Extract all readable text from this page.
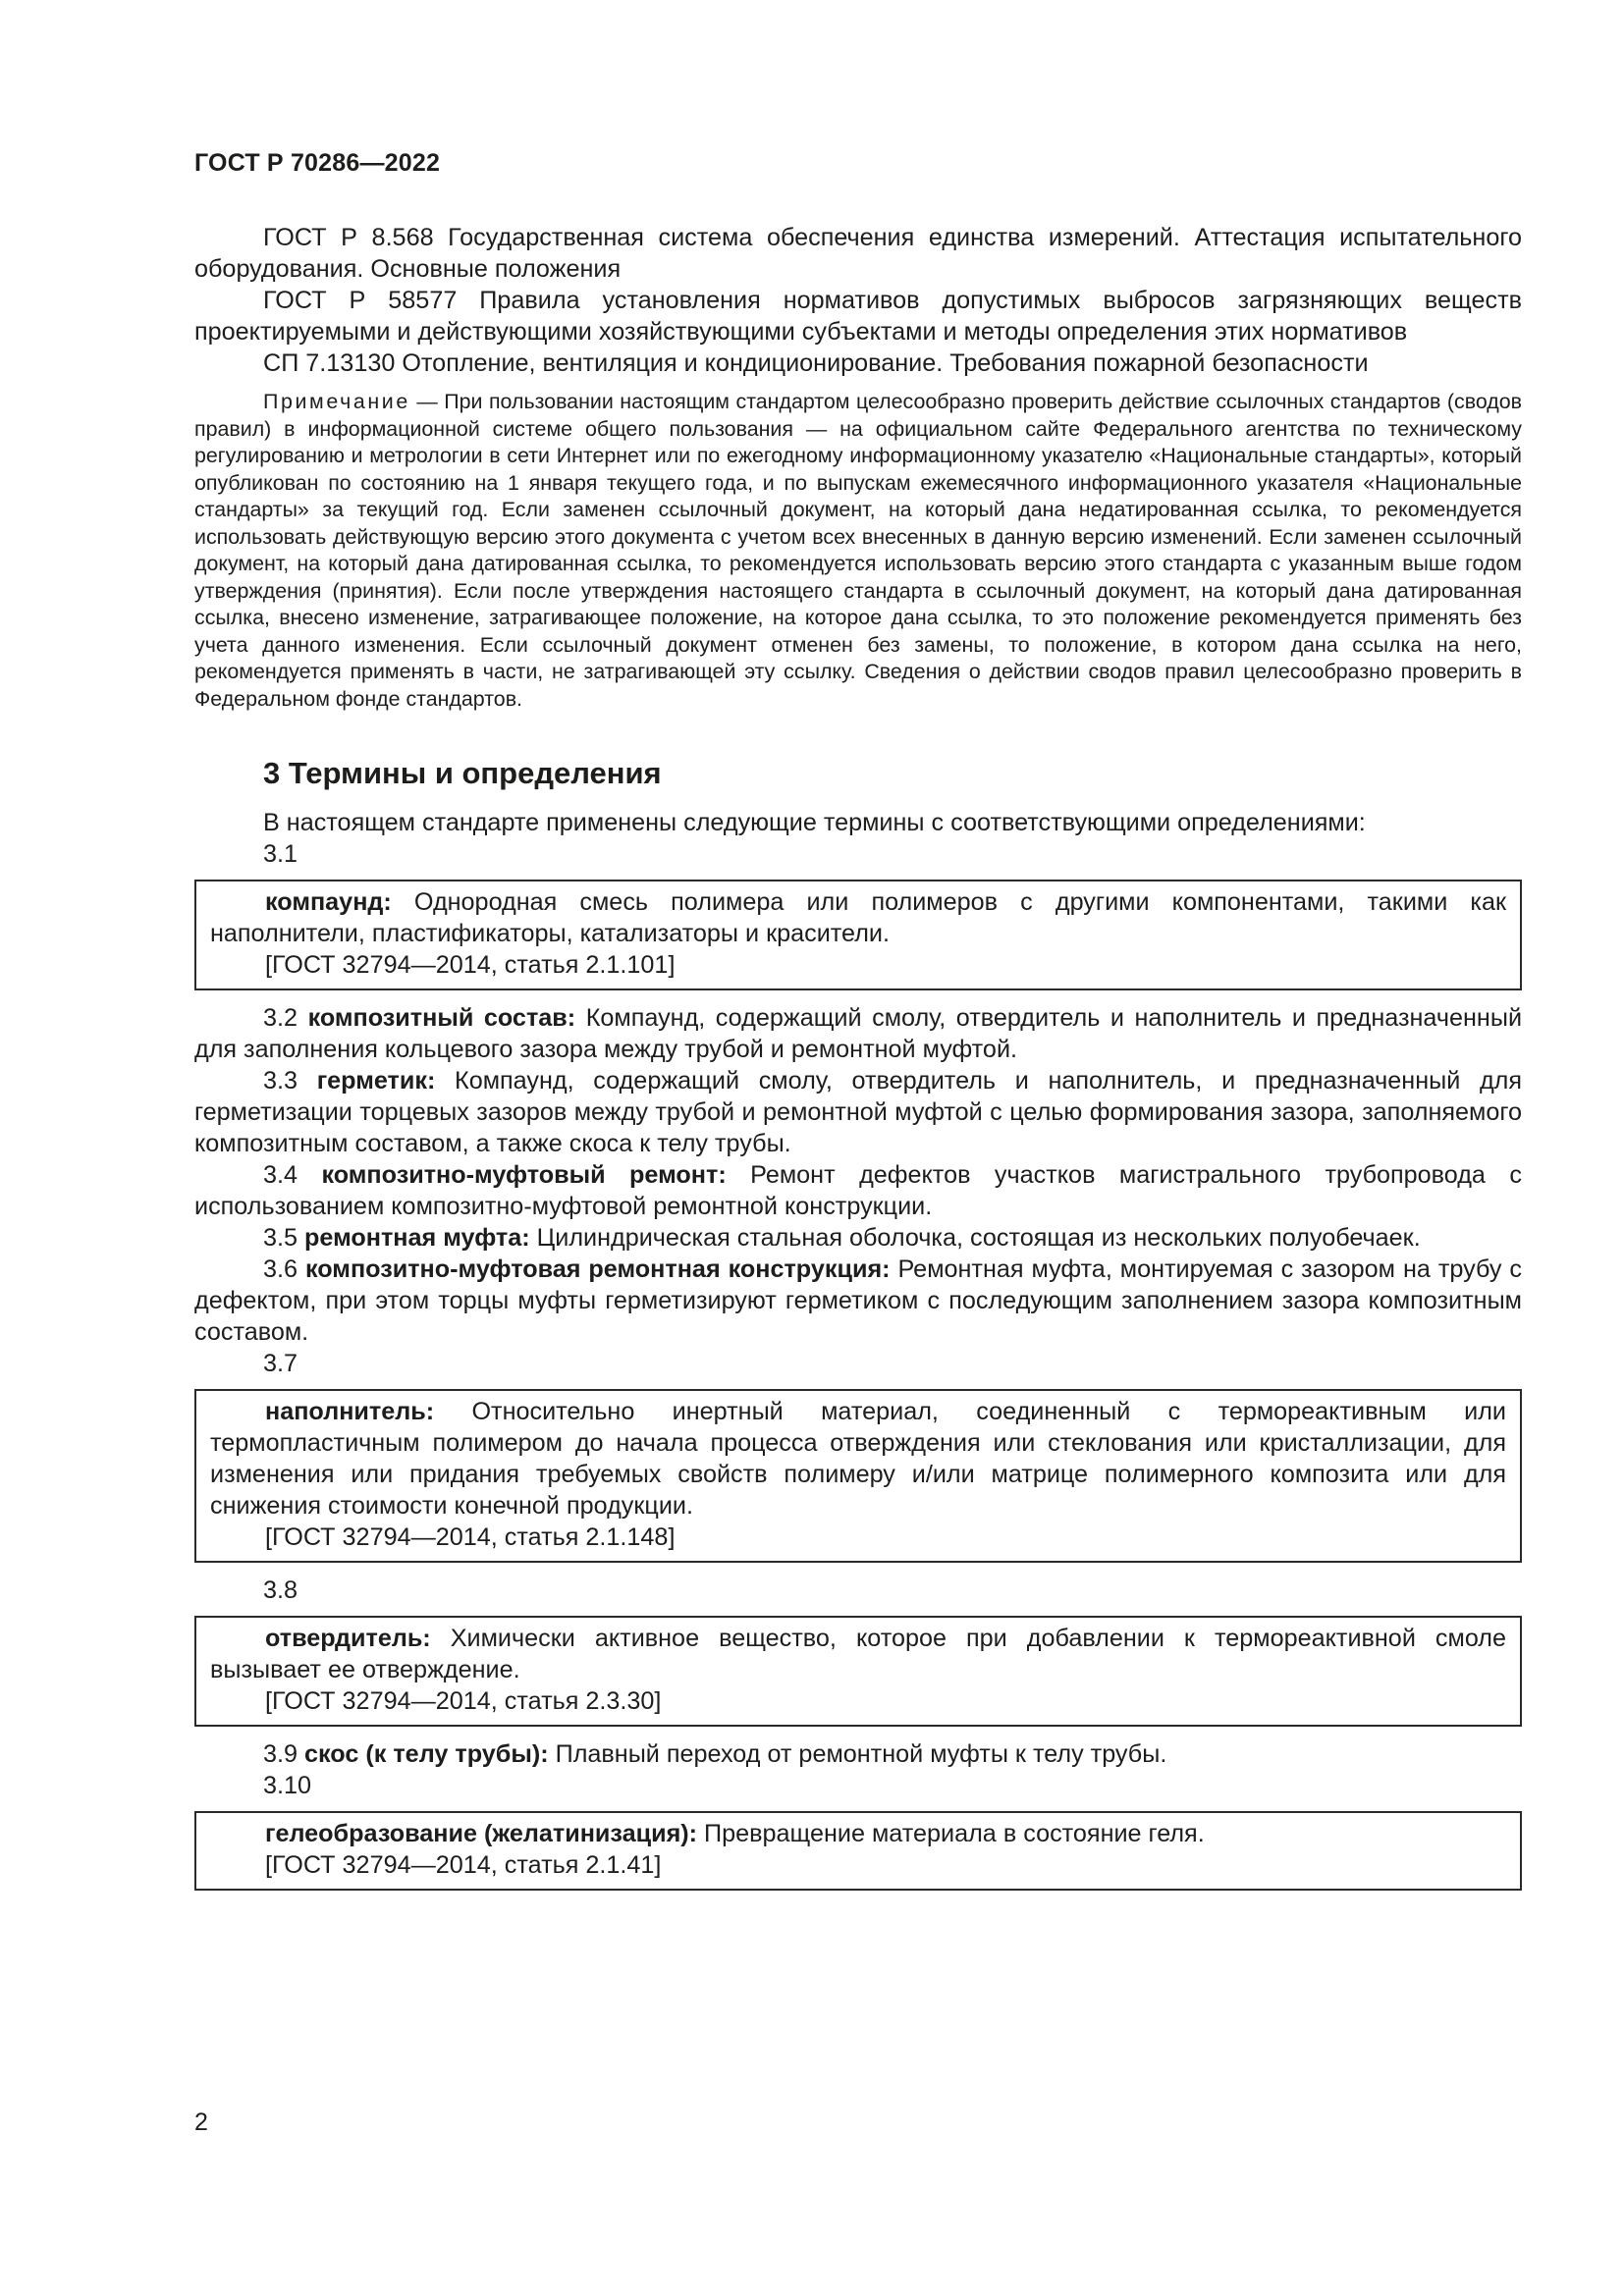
ГОСТ Р 70286—2022

ГОСТ Р 8.568 Государственная система обеспечения единства измерений. Аттестация испытательного оборудования. Основные положения

ГОСТ Р 58577 Правила установления нормативов допустимых выбросов загрязняющих веществ проектируемыми и действующими хозяйствующими субъектами и методы определения этих нормативов

СП 7.13130 Отопление, вентиляция и кондиционирование. Требования пожарной безопасности

Примечание — При пользовании настоящим стандартом целесообразно проверить действие ссылочных стандартов (сводов правил) в информационной системе общего пользования — на официальном сайте Федерального агентства по техническому регулированию и метрологии в сети Интернет или по ежегодному информационному указателю «Национальные стандарты», который опубликован по состоянию на 1 января текущего года, и по выпускам ежемесячного информационного указателя «Национальные стандарты» за текущий год. Если заменен ссылочный документ, на который дана недатированная ссылка, то рекомендуется использовать действующую версию этого документа с учетом всех внесенных в данную версию изменений. Если заменен ссылочный документ, на который дана датированная ссылка, то рекомендуется использовать версию этого стандарта с указанным выше годом утверждения (принятия). Если после утверждения настоящего стандарта в ссылочный документ, на который дана датированная ссылка, внесено изменение, затрагивающее положение, на которое дана ссылка, то это положение рекомендуется применять без учета данного изменения. Если ссылочный документ отменен без замены, то положение, в котором дана ссылка на него, рекомендуется применять в части, не затрагивающей эту ссылку. Сведения о действии сводов правил целесообразно проверить в Федеральном фонде стандартов.

3 Термины и определения

В настоящем стандарте применены следующие термины с соответствующими определениями:

3.1

компаунд: Однородная смесь полимера или полимеров с другими компонентами, такими как наполнители, пластификаторы, катализаторы и красители.

[ГОСТ 32794—2014, статья 2.1.101]

3.2 композитный состав: Компаунд, содержащий смолу, отвердитель и наполнитель и предназначенный для заполнения кольцевого зазора между трубой и ремонтной муфтой.

3.3 герметик: Компаунд, содержащий смолу, отвердитель и наполнитель, и предназначенный для герметизации торцевых зазоров между трубой и ремонтной муфтой с целью формирования зазора, заполняемого композитным составом, а также скоса к телу трубы.

3.4 композитно-муфтовый ремонт: Ремонт дефектов участков магистрального трубопровода с использованием композитно-муфтовой ремонтной конструкции.

3.5 ремонтная муфта: Цилиндрическая стальная оболочка, состоящая из нескольких полуобечаек.

3.6 композитно-муфтовая ремонтная конструкция: Ремонтная муфта, монтируемая с зазором на трубу с дефектом, при этом торцы муфты герметизируют герметиком с последующим заполнением зазора композитным составом.

3.7

наполнитель: Относительно инертный материал, соединенный с термореактивным или термопластичным полимером до начала процесса отверждения или стеклования или кристаллизации, для изменения или придания требуемых свойств полимеру и/или матрице полимерного композита или для снижения стоимости конечной продукции.

[ГОСТ 32794—2014, статья 2.1.148]

3.8

отвердитель: Химически активное вещество, которое при добавлении к термореактивной смоле вызывает ее отверждение.

[ГОСТ 32794—2014, статья 2.3.30]

3.9 скос (к телу трубы): Плавный переход от ремонтной муфты к телу трубы.

3.10

гелеобразование (желатинизация): Превращение материала в состояние геля.

[ГОСТ 32794—2014, статья 2.1.41]

2
